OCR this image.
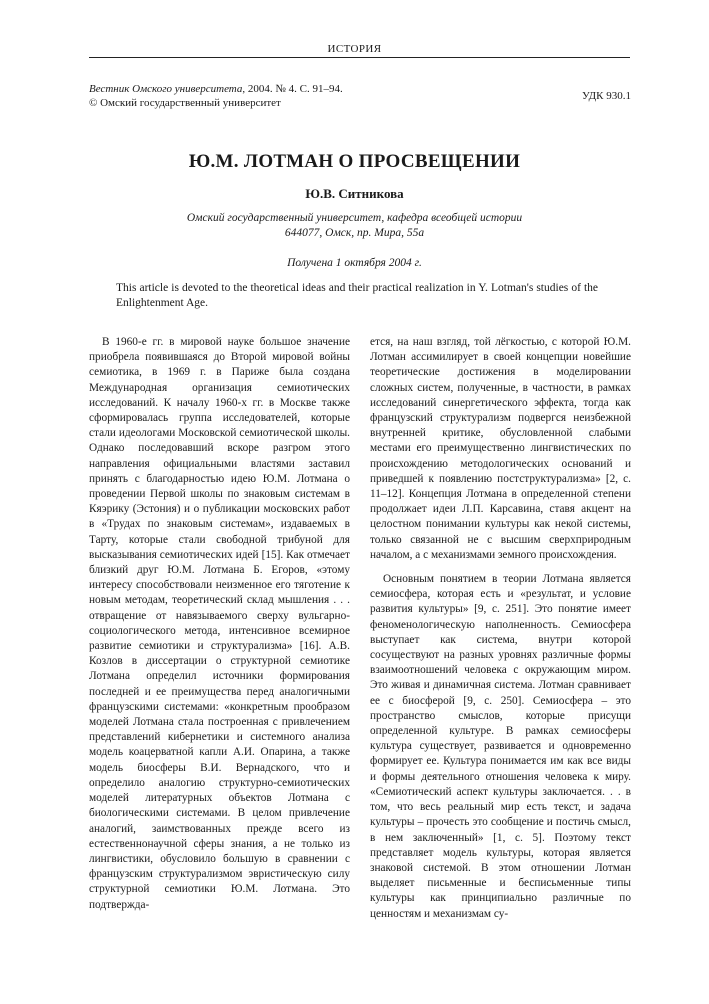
ИСТОРИЯ
Вестник Омского университета, 2004. № 4. С. 91–94.
© Омский государственный университет
УДК 930.1
Ю.М. ЛОТМАН О ПРОСВЕЩЕНИИ
Ю.В. Ситникова
Омский государственный университет, кафедра всеобщей истории
644077, Омск, пр. Мира, 55а
Получена 1 октября 2004 г.
This article is devoted to the theoretical ideas and their practical realization in Y. Lotman's studies of the Enlightenment Age.

В 1960-е гг. в мировой науке большое значение приобрела появившаяся до Второй мировой войны семиотика, в 1969 г. в Париже была создана Международная организация семиотических исследований. К началу 1960-х гг. в Москве также сформировалась группа исследователей, которые стали идеологами Московской семиотической школы. Однако последовавший вскоре разгром этого направления официальными властями заставил принять с благодарностью идею Ю.М. Лотмана о проведении Первой школы по знаковым системам в Кяэрику (Эстония) и о публикации московских работ в «Трудах по знаковым системам», издаваемых в Тарту, которые стали свободной трибуной для высказывания семиотических идей [15]. Как отмечает близкий друг Ю.М. Лотмана Б. Егоров, «этому интересу способствовали неизменное его тяготение к новым методам, теоретический склад мышления . . . отвращение от навязываемого сверху вульгарно-социологического метода, интенсивное всемирное развитие семиотики и структурализма» [16]. А.В. Козлов в диссертации о структурной семиотике Лотмана определил источники формирования последней и ее преимущества перед аналогичными французскими системами: «конкретным прообразом моделей Лотмана стала построенная с привлечением представлений кибернетики и системного анализа модель коацерватной капли А.И. Опарина, а также модель биосферы В.И. Вернадского, что и определило аналогию структурно-семиотических моделей литературных объектов Лотмана с биологическими системами. В целом привлечение аналогий, заимствованных прежде всего из естественнонаучной сферы знания, а не только из лингвистики, обусловило большую в сравнении с французским структурализмом эвристическую силу структурной семиотики Ю.М. Лотмана. Это подтвержда-

ется, на наш взгляд, той лёгкостью, с которой Ю.М. Лотман ассимилирует в своей концепции новейшие теоретические достижения в моделировании сложных систем, полученные, в частности, в рамках исследований синергетического эффекта, тогда как французский структурализм подвергся неизбежной внутренней критике, обусловленной слабыми местами его преимущественно лингвистических по происхождению методологических оснований и приведшей к появлению постструктурализма» [2, с. 11–12]. Концепция Лотмана в определенной степени продолжает идеи Л.П. Карсавина, ставя акцент на целостном понимании культуры как некой системы, только связанной не с высшим сверхприродным началом, а с механизмами земного происхождения.

Основным понятием в теории Лотмана является семиосфера, которая есть и «результат, и условие развития культуры» [9, с. 251]. Это понятие имеет феноменологическую наполненность. Семиосфера выступает как система, внутри которой сосуществуют на разных уровнях различные формы взаимоотношений человека с окружающим миром. Это живая и динамичная система. Лотман сравнивает ее с биосферой [9, с. 250]. Семиосфера – это пространство смыслов, которые присущи определенной культуре. В рамках семиосферы культура существует, развивается и одновременно формирует ее. Культура понимается им как все виды и формы деятельного отношения человека к миру. «Семиотический аспект культуры заключается. . . в том, что весь реальный мир есть текст, и задача культуры – прочесть это сообщение и постичь смысл, в нем заключенный» [1, с. 5]. Поэтому текст представляет модель культуры, которая является знаковой системой. В этом отношении Лотман выделяет письменные и бесписьменные типы культуры как принципиально различные по ценностям и механизмам су-
